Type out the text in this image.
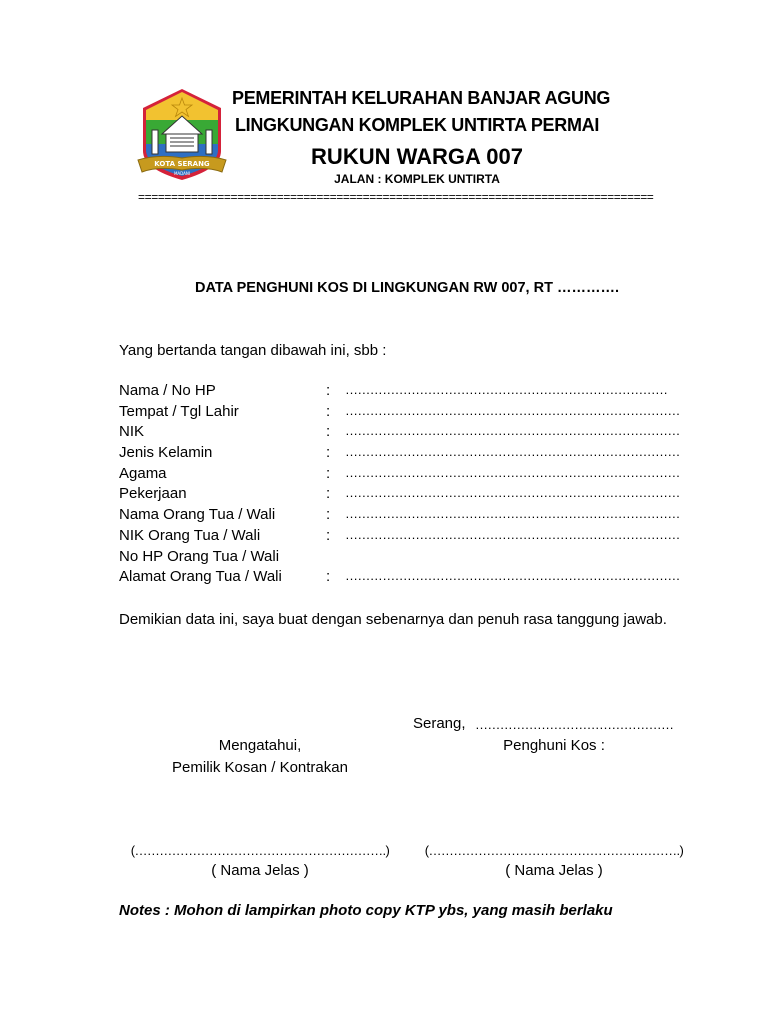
KOTA SERANG
MADANI
PEMERINTAH KELURAHAN BANJAR AGUNG
LINGKUNGAN KOMPLEK UNTIRTA PERMAI
RUKUN WARGA 007
JALAN : KOMPLEK UNTIRTA
==============================================================================
DATA PENGHUNI KOS DI LINGKUNGAN RW 007, RT ………….
Yang bertanda tangan dibawah ini, sbb :
Nama / No HP	: ……………………………………………………………………
Tempat / Tgl Lahir	: ………………………………………………………………………
NIK	: ………………………………………………………………………
Jenis Kelamin	: ………………………………………………………………………
Agama	: ………………………………………………………………………
Pekerjaan	: ………………………………………………………………………
Nama Orang Tua / Wali	: ………………………………………………………………………
NIK Orang Tua / Wali	: ………………………………………………………………………
No HP Orang Tua / Wali
Alamat Orang Tua / Wali	: ………………………………………………………………………
Demikian data ini, saya buat dengan sebenarnya dan penuh rasa tanggung jawab.
Serang, …………………………………………
Mengatahui,
Pemilik Kosan / Kontrakan
Penghuni Kos :
(…………………………………………………….)	(…………………………………………………….)
( Nama Jelas )	( Nama Jelas )
Notes : Mohon di lampirkan photo copy KTP ybs, yang masih berlaku
